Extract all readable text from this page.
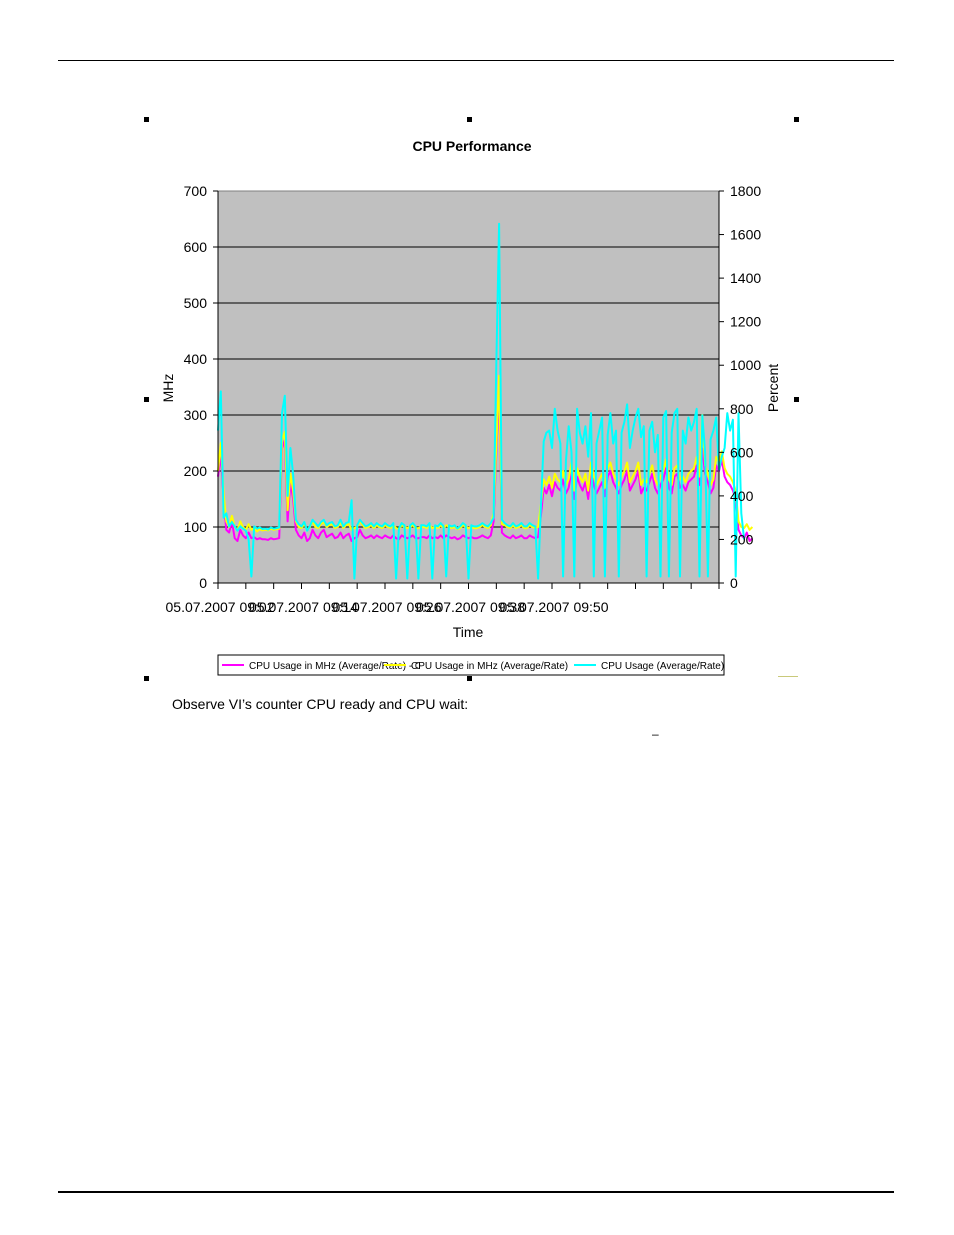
0
100
200
300
400
500
600
700
0
200
400
600
800
1000
1200
1400
1600
1800
05.07.2007 09:02
05.07.2007 09:14
05.07.2007 09:26
05.07.2007 09:38
05.07.2007 09:50
CPU Performance
Time
MHz	Percent
CPU Usage in MHz (Average/Rate) - 0
CPU Usage in MHz (Average/Rate)	CPU Usage (Average/Rate)
Observe VI’s counter CPU ready and CPU wait:
–
